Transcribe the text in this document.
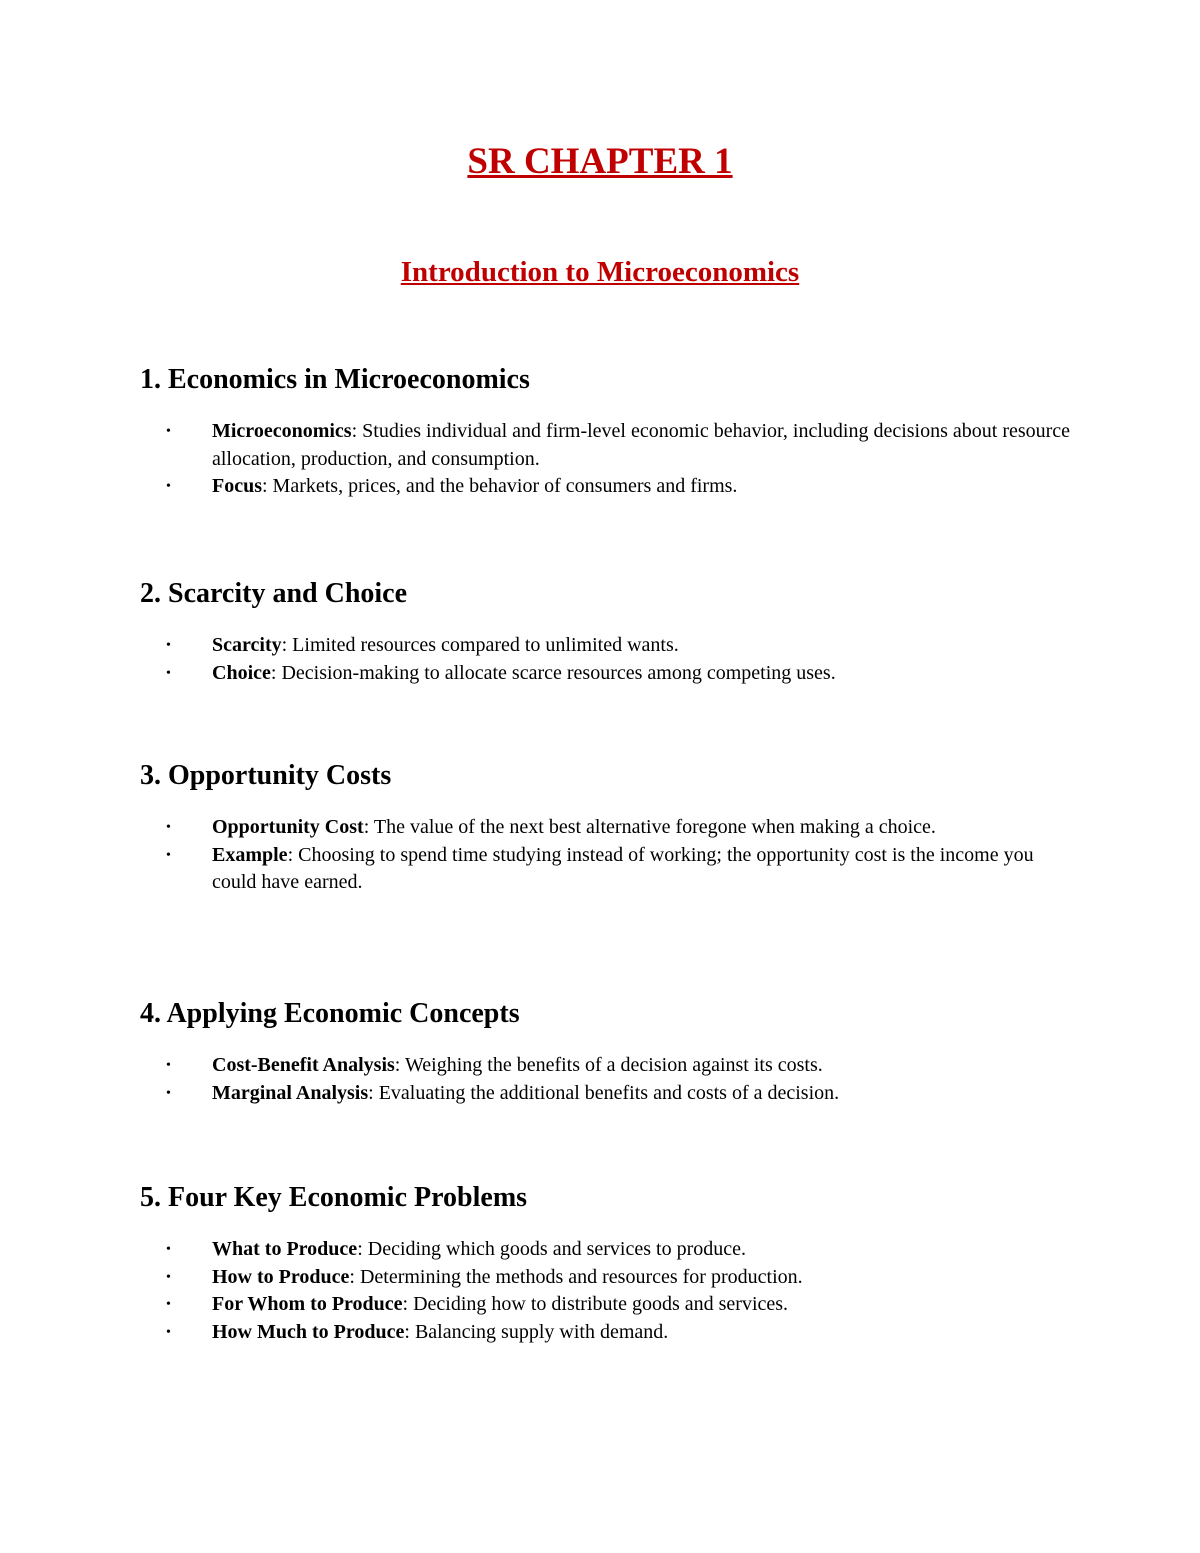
SR CHAPTER 1
Introduction to Microeconomics
1. Economics in Microeconomics
• Microeconomics: Studies individual and firm-level economic behavior, including decisions about resource allocation, production, and consumption.
• Focus: Markets, prices, and the behavior of consumers and firms.
2. Scarcity and Choice
• Scarcity: Limited resources compared to unlimited wants.
• Choice: Decision-making to allocate scarce resources among competing uses.
3. Opportunity Costs
• Opportunity Cost: The value of the next best alternative foregone when making a choice.
• Example: Choosing to spend time studying instead of working; the opportunity cost is the income you could have earned.
4. Applying Economic Concepts
• Cost-Benefit Analysis: Weighing the benefits of a decision against its costs.
• Marginal Analysis: Evaluating the additional benefits and costs of a decision.
5. Four Key Economic Problems
• What to Produce: Deciding which goods and services to produce.
• How to Produce: Determining the methods and resources for production.
• For Whom to Produce: Deciding how to distribute goods and services.
• How Much to Produce: Balancing supply with demand.
